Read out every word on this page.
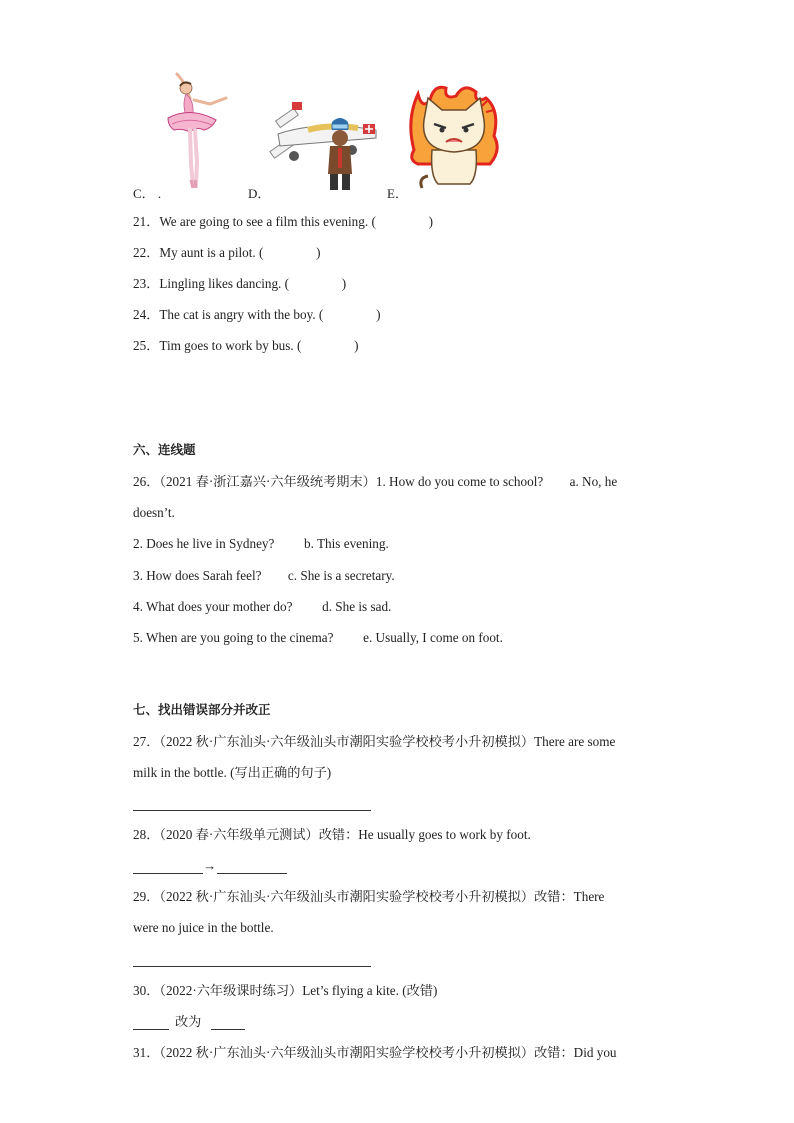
C． .	D．	E．
21．We are going to see a film this evening. (　　　　)
22．My aunt is a pilot. (　　　　)
23．Lingling likes dancing. (　　　　)
24．The cat is angry with the boy. (　　　　)
25．Tim goes to work by bus. (　　　　)
六、连线题
26．（2021 春·浙江嘉兴·六年级统考期末）1. How do you come to school?　　a. No, he
doesn’t.
2. Does he live in Sydney?　　 b. This evening.
3. How does Sarah feel?　　c. She is a secretary.
4. What does your mother do?　　 d. She is sad.
5. When are you going to the cinema?　　 e. Usually, I come on foot.
七、找出错误部分并改正
27．（2022 秋·广东汕头·六年级汕头市潮阳实验学校校考小升初模拟）There are some
milk in the bottle. (写出正确的句子)
28．（2020 春·六年级单元测试）改错：He usually goes to work by foot.
→
29．（2022 秋·广东汕头·六年级汕头市潮阳实验学校校考小升初模拟）改错：There
were no juice in the bottle.
30．（2022·六年级课时练习）Let’s flying a kite. (改错)
改为
31．（2022 秋·广东汕头·六年级汕头市潮阳实验学校校考小升初模拟）改错：Did you
